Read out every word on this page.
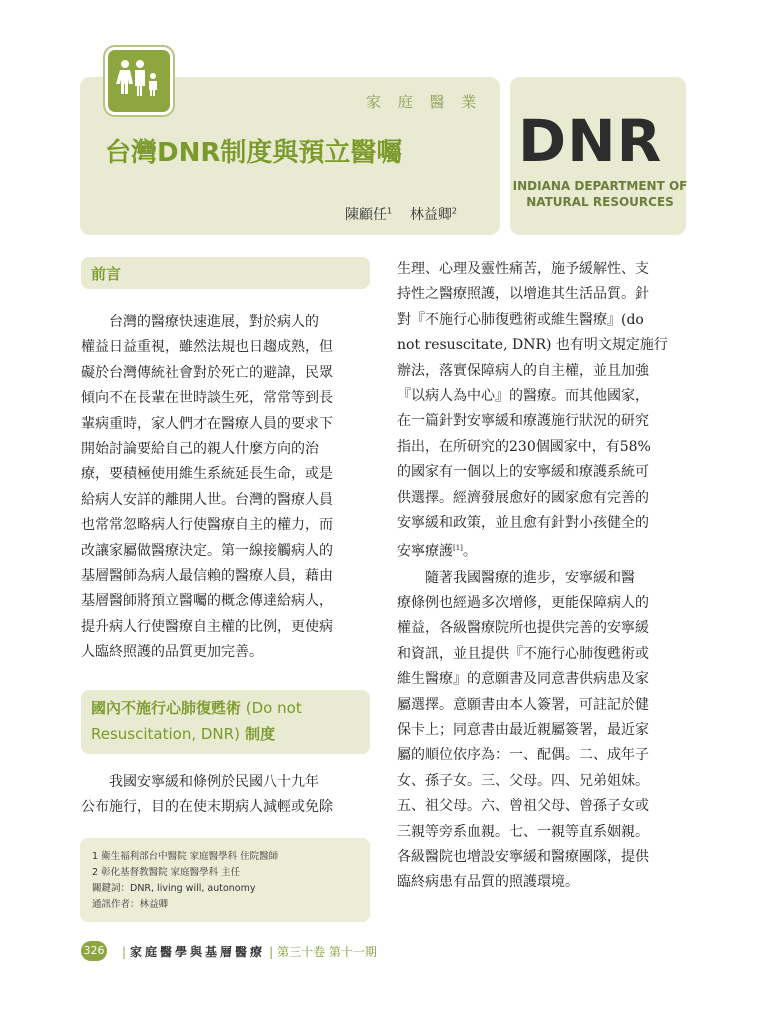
家 庭 醫 業
台灣DNR制度與預立醫囑
陳顧任$^1$ 林益卿$^2$
DNR
INDIANA DEPARTMENT OF
NATURAL RESOURCES
前言
台灣的醫療快速進展，對於病人的
權益日益重視，雖然法規也日趨成熟，但
礙於台灣傳統社會對於死亡的避諱，民眾
傾向不在長輩在世時談生死，常常等到長
輩病重時，家人們才在醫療人員的要求下
開始討論要給自己的親人什麼方向的治
療，要積極使用維生系統延長生命，或是
給病人安詳的離開人世。台灣的醫療人員
也常常忽略病人行使醫療自主的權力，而
改讓家屬做醫療決定。第一線接觸病人的
基層醫師為病人最信賴的醫療人員，藉由
基層醫師將預立醫囑的概念傳達給病人，
提升病人行使醫療自主權的比例，更使病
人臨終照護的品質更加完善。
國內不施行心肺復甦術 (Do not
Resuscitation, DNR) 制度
我國安寧緩和條例於民國八十九年
公布施行，目的在使末期病人減輕或免除
1 衛生福利部台中醫院 家庭醫學科 住院醫師
2 彰化基督教醫院 家庭醫學科 主任
關鍵詞：DNR, living will, autonomy
通訊作者：林益卿
生理、心理及靈性痛苦，施予緩解性、支
持性之醫療照護，以增進其生活品質。針
對『不施行心肺復甦術或維生醫療』(do
not resuscitate, DNR) 也有明文規定施行
辦法，落實保障病人的自主權，並且加強
『以病人為中心』的醫療。而其他國家，
在一篇針對安寧緩和療護施行狀況的研究
指出，在所研究的230個國家中，有58%
的國家有一個以上的安寧緩和療護系統可
供選擇。經濟發展愈好的國家愈有完善的
安寧緩和政策，並且愈有針對小孩健全的
安寧療護[1]。
隨著我國醫療的進步，安寧緩和醫
療條例也經過多次增修，更能保障病人的
權益，各級醫療院所也提供完善的安寧緩
和資訊，並且提供『不施行心肺復甦術或
維生醫療』的意願書及同意書供病患及家
屬選擇。意願書由本人簽署，可註記於健
保卡上；同意書由最近親屬簽署，最近家
屬的順位依序為：一、配偶。二、成年子
女、孫子女。三、父母。四、兄弟姐妹。
五、祖父母。六、曾祖父母、曾孫子女或
三親等旁系血親。七、一親等直系姻親。
各級醫院也增設安寧緩和醫療團隊，提供
臨終病患有品質的照護環境。
326	| 家庭醫學與基層醫療 | 第三十卷 第十一期
